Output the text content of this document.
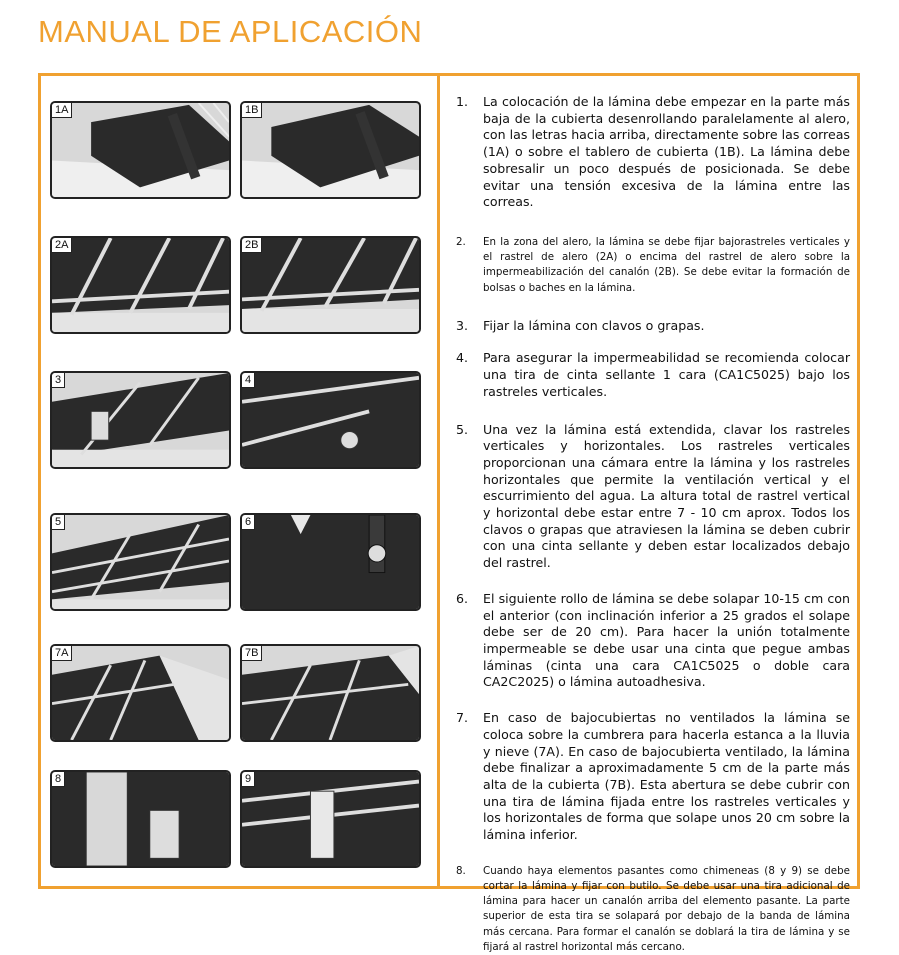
MANUAL DE APLICACIÓN
1A	1B
2A	2B
3	4
5	6
7A	7B
8	9
1.	La colocación de la lámina debe empezar en la parte más baja de la cubierta desenrollando paralelamente al alero, con las letras hacia arriba, directamente sobre las correas (1A) o sobre el tablero de cubierta (1B). La lámina debe sobresalir un poco después de posicionada. Se debe evitar una tensión excesiva de la lámina entre las correas.
2.	En la zona del alero, la lámina se debe fijar bajorastreles verticales y el rastrel de alero (2A) o encima del rastrel de alero sobre la impermeabilización del canalón (2B). Se debe evitar la formación de bolsas o baches en la lámina.
3.	Fijar la lámina con clavos o grapas.
4.	Para asegurar la impermeabilidad se recomienda colocar una tira de cinta sellante 1 cara (CA1C5025) bajo los rastreles verticales.
5.	Una vez la lámina está extendida, clavar los rastreles verticales y horizontales. Los rastreles verticales proporcionan una cámara entre la lámina y los rastreles horizontales que permite la ventilación vertical y el escurrimiento del agua. La altura total de rastrel vertical y horizontal debe estar entre 7 - 10 cm aprox. Todos los clavos o grapas que atraviesen la lámina se deben cubrir con una cinta sellante y deben estar localizados debajo del rastrel.
6.	El siguiente rollo de lámina se debe solapar 10-15 cm con el anterior (con inclinación inferior a 25 grados el solape debe ser de 20 cm). Para hacer la unión totalmente impermeable se debe usar una cinta que pegue ambas láminas (cinta una cara CA1C5025 o doble cara CA2C2025) o lámina autoadhesiva.
7.	En caso de bajocubiertas no ventilados la lámina se coloca sobre la cumbrera para hacerla estanca a la lluvia y nieve (7A). En caso de bajocubierta ventilado, la lámina debe finalizar a aproximadamente 5 cm de la parte más alta de la cubierta (7B). Esta abertura se debe cubrir con una tira de lámina fijada entre los rastreles verticales y los horizontales de forma que solape unos 20 cm sobre la lámina inferior.
8.	Cuando haya elementos pasantes como chimeneas (8 y 9) se debe cortar la lámina y fijar con butilo. Se debe usar una tira adicional de lámina para hacer un canalón arriba del elemento pasante. La parte superior de esta tira se solapará por debajo de la banda de lámina más cercana. Para formar el canalón se doblará la tira de lámina y se fijará al rastrel horizontal más cercano.
